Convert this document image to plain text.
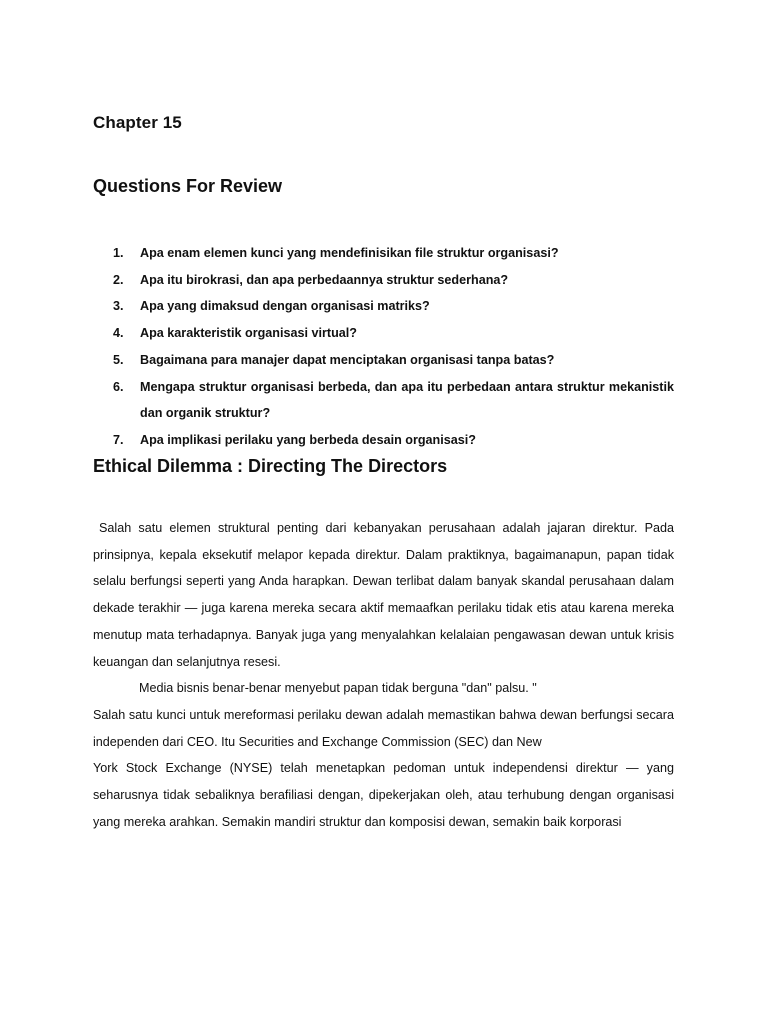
Chapter 15
Questions For Review
1. Apa enam elemen kunci yang mendefinisikan file struktur organisasi?
2. Apa itu birokrasi, dan apa perbedaannya struktur sederhana?
3. Apa yang dimaksud dengan organisasi matriks?
4. Apa karakteristik organisasi virtual?
5. Bagaimana para manajer dapat menciptakan organisasi tanpa batas?
6. Mengapa struktur organisasi berbeda, dan apa itu perbedaan antara struktur mekanistik dan organik struktur?
7. Apa implikasi perilaku yang berbeda desain organisasi?
Ethical Dilemma : Directing The Directors

Salah satu elemen struktural penting dari kebanyakan perusahaan adalah jajaran direktur. Pada prinsipnya, kepala eksekutif melapor kepada direktur. Dalam praktiknya, bagaimanapun, papan tidak selalu berfungsi seperti yang Anda harapkan. Dewan terlibat dalam banyak skandal perusahaan dalam dekade terakhir — juga karena mereka secara aktif memaafkan perilaku tidak etis atau karena mereka menutup mata terhadapnya. Banyak juga yang menyalahkan kelalaian pengawasan dewan untuk krisis keuangan dan selanjutnya resesi.

Media bisnis benar-benar menyebut papan tidak berguna "dan" palsu. "

Salah satu kunci untuk mereformasi perilaku dewan adalah memastikan bahwa dewan berfungsi secara independen dari CEO. Itu Securities and Exchange Commission (SEC) dan New

York Stock Exchange (NYSE) telah menetapkan pedoman untuk independensi direktur — yang seharusnya tidak sebaliknya berafiliasi dengan, dipekerjakan oleh, atau terhubung dengan organisasi yang mereka arahkan. Semakin mandiri struktur dan komposisi dewan, semakin baik korporasi
